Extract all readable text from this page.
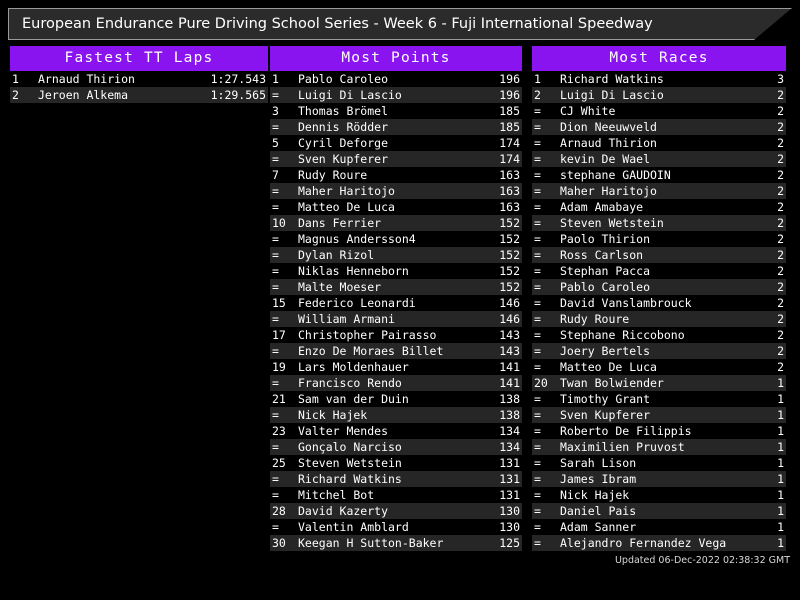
European Endurance Pure Driving School Series - Week 6 - Fuji International Speedway
Fastest TT Laps
1	Arnaud Thirion	1:27.543
2	Jeroen Alkema	1:29.565
Most Points
1	Pablo Caroleo	196
=	Luigi Di Lascio	196
3	Thomas Brömel	185
=	Dennis Rödder	185
5	Cyril Deforge	174
=	Sven Kupferer	174
7	Rudy Roure	163
=	Maher Haritojo	163
=	Matteo De Luca	163
10	Dans Ferrier	152
=	Magnus Andersson4	152
=	Dylan Rizol	152
=	Niklas Henneborn	152
=	Malte Moeser	152
15	Federico Leonardi	146
=	William Armani	146
17	Christopher Pairasso	143
=	Enzo De Moraes Billet	143
19	Lars Moldenhauer	141
=	Francisco Rendo	141
21	Sam van der Duin	138
=	Nick Hajek	138
23	Valter Mendes	134
=	Gonçalo Narciso	134
25	Steven Wetstein	131
=	Richard Watkins	131
=	Mitchel Bot	131
28	David Kazerty	130
=	Valentin Amblard	130
30	Keegan H Sutton-Baker	125
Most Races
1	Richard Watkins	3
2	Luigi Di Lascio	2
=	CJ White	2
=	Dion Neeuwveld	2
=	Arnaud Thirion	2
=	kevin De Wael	2
=	stephane GAUDOIN	2
=	Maher Haritojo	2
=	Adam Amabaye	2
=	Steven Wetstein	2
=	Paolo Thirion	2
=	Ross Carlson	2
=	Stephan Pacca	2
=	Pablo Caroleo	2
=	David Vanslambrouck	2
=	Rudy Roure	2
=	Stephane Riccobono	2
=	Joery Bertels	2
=	Matteo De Luca	2
20	Twan Bolwiender	1
=	Timothy Grant	1
=	Sven Kupferer	1
=	Roberto De Filippis	1
=	Maximilien Pruvost	1
=	Sarah Lison	1
=	James Ibram	1
=	Nick Hajek	1
=	Daniel Pais	1
=	Adam Sanner	1
=	Alejandro Fernandez Vega	1
Updated 06-Dec-2022 02:38:32 GMT
